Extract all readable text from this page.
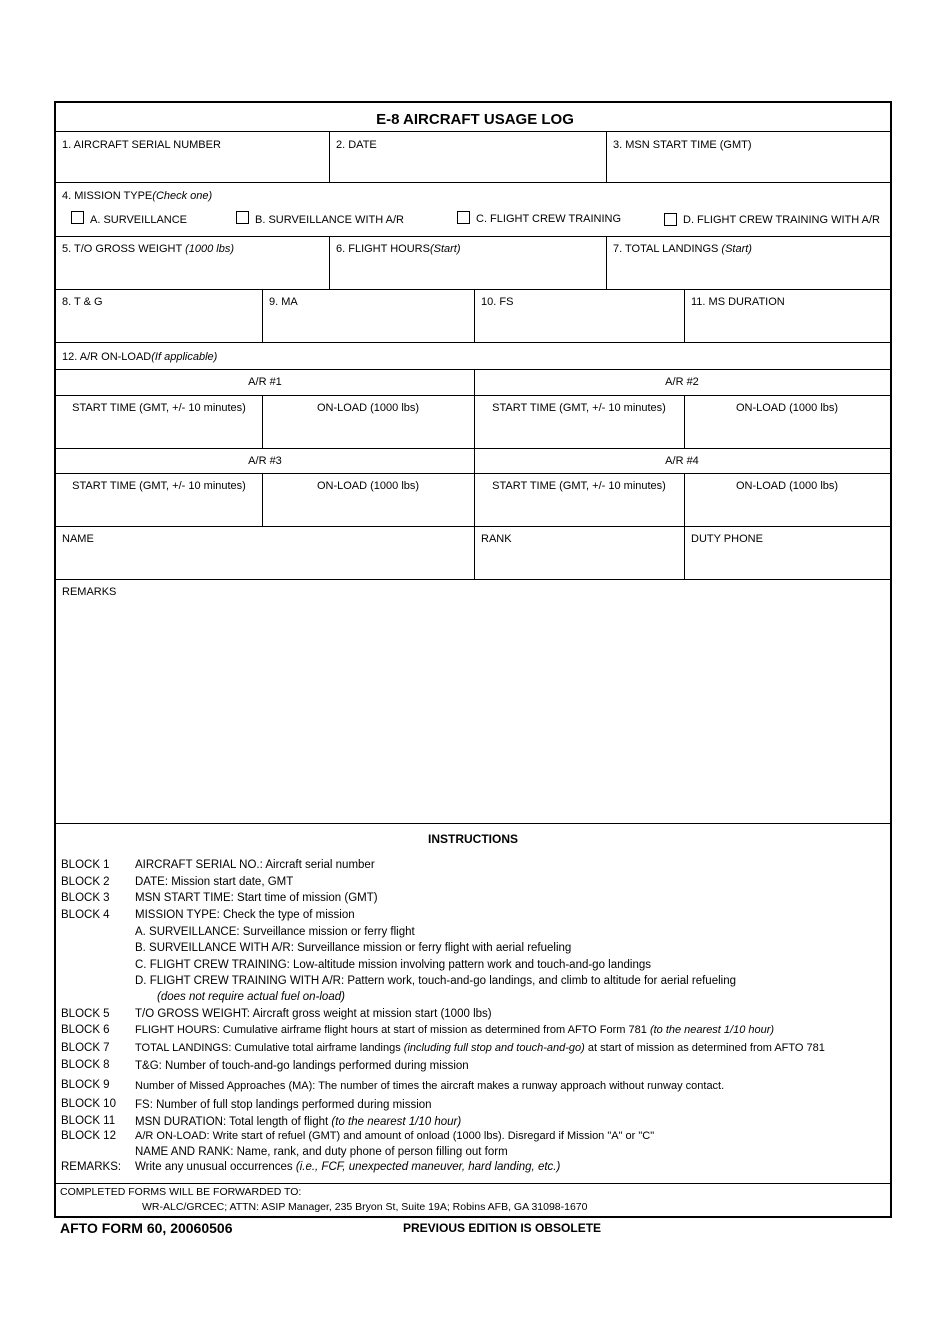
E-8 AIRCRAFT USAGE LOG
1. AIRCRAFT SERIAL NUMBER	2. DATE	3. MSN START TIME (GMT)
4. MISSION TYPE(Check one)
A. SURVEILLANCE	B. SURVEILLANCE WITH A/R	C. FLIGHT CREW TRAINING	D. FLIGHT CREW TRAINING WITH A/R
5. T/O GROSS WEIGHT (1000 lbs)	6. FLIGHT HOURS(Start)	7. TOTAL LANDINGS (Start)
8. T & G	9. MA	10. FS	11. MS DURATION
12. A/R ON-LOAD(If applicable)
A/R #1	A/R #2
START TIME (GMT, +/- 10 minutes)	ON-LOAD (1000 lbs)	START TIME (GMT, +/- 10 minutes)	ON-LOAD (1000 lbs)
A/R #3	A/R #4
START TIME (GMT, +/- 10 minutes)	ON-LOAD (1000 lbs)	START TIME (GMT, +/- 10 minutes)	ON-LOAD (1000 lbs)
NAME	RANK	DUTY PHONE
REMARKS
INSTRUCTIONS
BLOCK 1 AIRCRAFT SERIAL NO.: Aircraft serial number
BLOCK 2 DATE: Mission start date, GMT
BLOCK 3 MSN START TIME: Start time of mission (GMT)
BLOCK 4 MISSION TYPE: Check the type of mission
A. SURVEILLANCE: Surveillance mission or ferry flight
B. SURVEILLANCE WITH A/R: Surveillance mission or ferry flight with aerial refueling
C. FLIGHT CREW TRAINING: Low-altitude mission involving pattern work and touch-and-go landings
D. FLIGHT CREW TRAINING WITH A/R: Pattern work, touch-and-go landings, and climb to altitude for aerial refueling
(does not require actual fuel on-load)
BLOCK 5 T/O GROSS WEIGHT: Aircraft gross weight at mission start (1000 lbs)
BLOCK 6 FLIGHT HOURS: Cumulative airframe flight hours at start of mission as determined from AFTO Form 781 (to the nearest 1/10 hour)
BLOCK 7 TOTAL LANDINGS: Cumulative total airframe landings (including full stop and touch-and-go) at start of mission as determined from AFTO 781
BLOCK 8 T&G: Number of touch-and-go landings performed during mission
BLOCK 9 Number of Missed Approaches (MA): The number of times the aircraft makes a runway approach without runway contact.
BLOCK 10 FS: Number of full stop landings performed during mission
BLOCK 11 MSN DURATION: Total length of flight (to the nearest 1/10 hour)
BLOCK 12 A/R ON-LOAD: Write start of refuel (GMT) and amount of onload (1000 lbs). Disregard if Mission "A" or "C"
NAME AND RANK: Name, rank, and duty phone of person filling out form
REMARKS: Write any unusual occurrences (i.e., FCF, unexpected maneuver, hard landing, etc.)
COMPLETED FORMS WILL BE FORWARDED TO:
WR-ALC/GRCEC; ATTN: ASIP Manager, 235 Bryon St, Suite 19A; Robins AFB, GA 31098-1670
AFTO FORM 60, 20060506	PREVIOUS EDITION IS OBSOLETE
